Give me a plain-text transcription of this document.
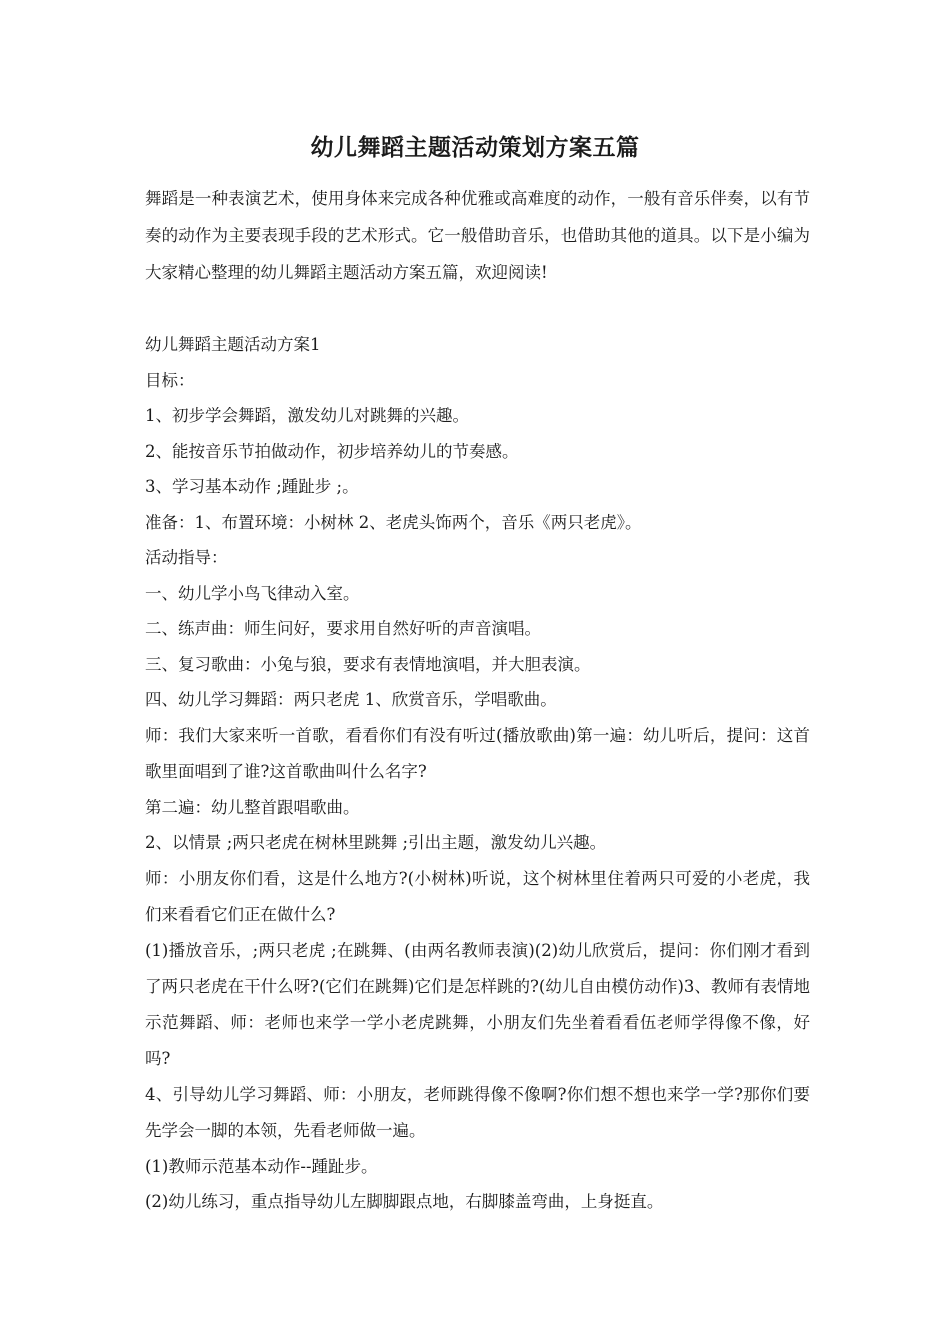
幼儿舞蹈主题活动策划方案五篇

舞蹈是一种表演艺术，使用身体来完成各种优雅或高难度的动作，一般有音乐伴奏，以有节奏的动作为主要表现手段的艺术形式。它一般借助音乐，也借助其他的道具。以下是小编为大家精心整理的幼儿舞蹈主题活动方案五篇，欢迎阅读!

幼儿舞蹈主题活动方案1

目标：

1、初步学会舞蹈，激发幼儿对跳舞的兴趣。

2、能按音乐节拍做动作，初步培养幼儿的节奏感。

3、学习基本动作 ;踵趾步 ;。

准备：1、布置环境：小树林 2、老虎头饰两个，音乐《两只老虎》。

活动指导：

一、幼儿学小鸟飞律动入室。

二、练声曲：师生问好，要求用自然好听的声音演唱。

三、复习歌曲：小兔与狼，要求有表情地演唱，并大胆表演。

四、幼儿学习舞蹈：两只老虎 1、欣赏音乐，学唱歌曲。

师：我们大家来听一首歌，看看你们有没有听过(播放歌曲)第一遍：幼儿听后，提问：这首歌里面唱到了谁?这首歌曲叫什么名字?

第二遍：幼儿整首跟唱歌曲。

2、以情景 ;两只老虎在树林里跳舞 ;引出主题，激发幼儿兴趣。

师：小朋友你们看，这是什么地方?(小树林)听说，这个树林里住着两只可爱的小老虎，我们来看看它们正在做什么?

(1)播放音乐，;两只老虎 ;在跳舞、(由两名教师表演)(2)幼儿欣赏后，提问：你们刚才看到了两只老虎在干什么呀?(它们在跳舞)它们是怎样跳的?(幼儿自由模仿动作)3、教师有表情地示范舞蹈、师：老师也来学一学小老虎跳舞，小朋友们先坐着看看伍老师学得像不像，好吗?

4、引导幼儿学习舞蹈、师：小朋友，老师跳得像不像啊?你们想不想也来学一学?那你们要先学会一脚的本领，先看老师做一遍。

(1)教师示范基本动作--踵趾步。

(2)幼儿练习，重点指导幼儿左脚脚跟点地，右脚膝盖弯曲，上身挺直。
